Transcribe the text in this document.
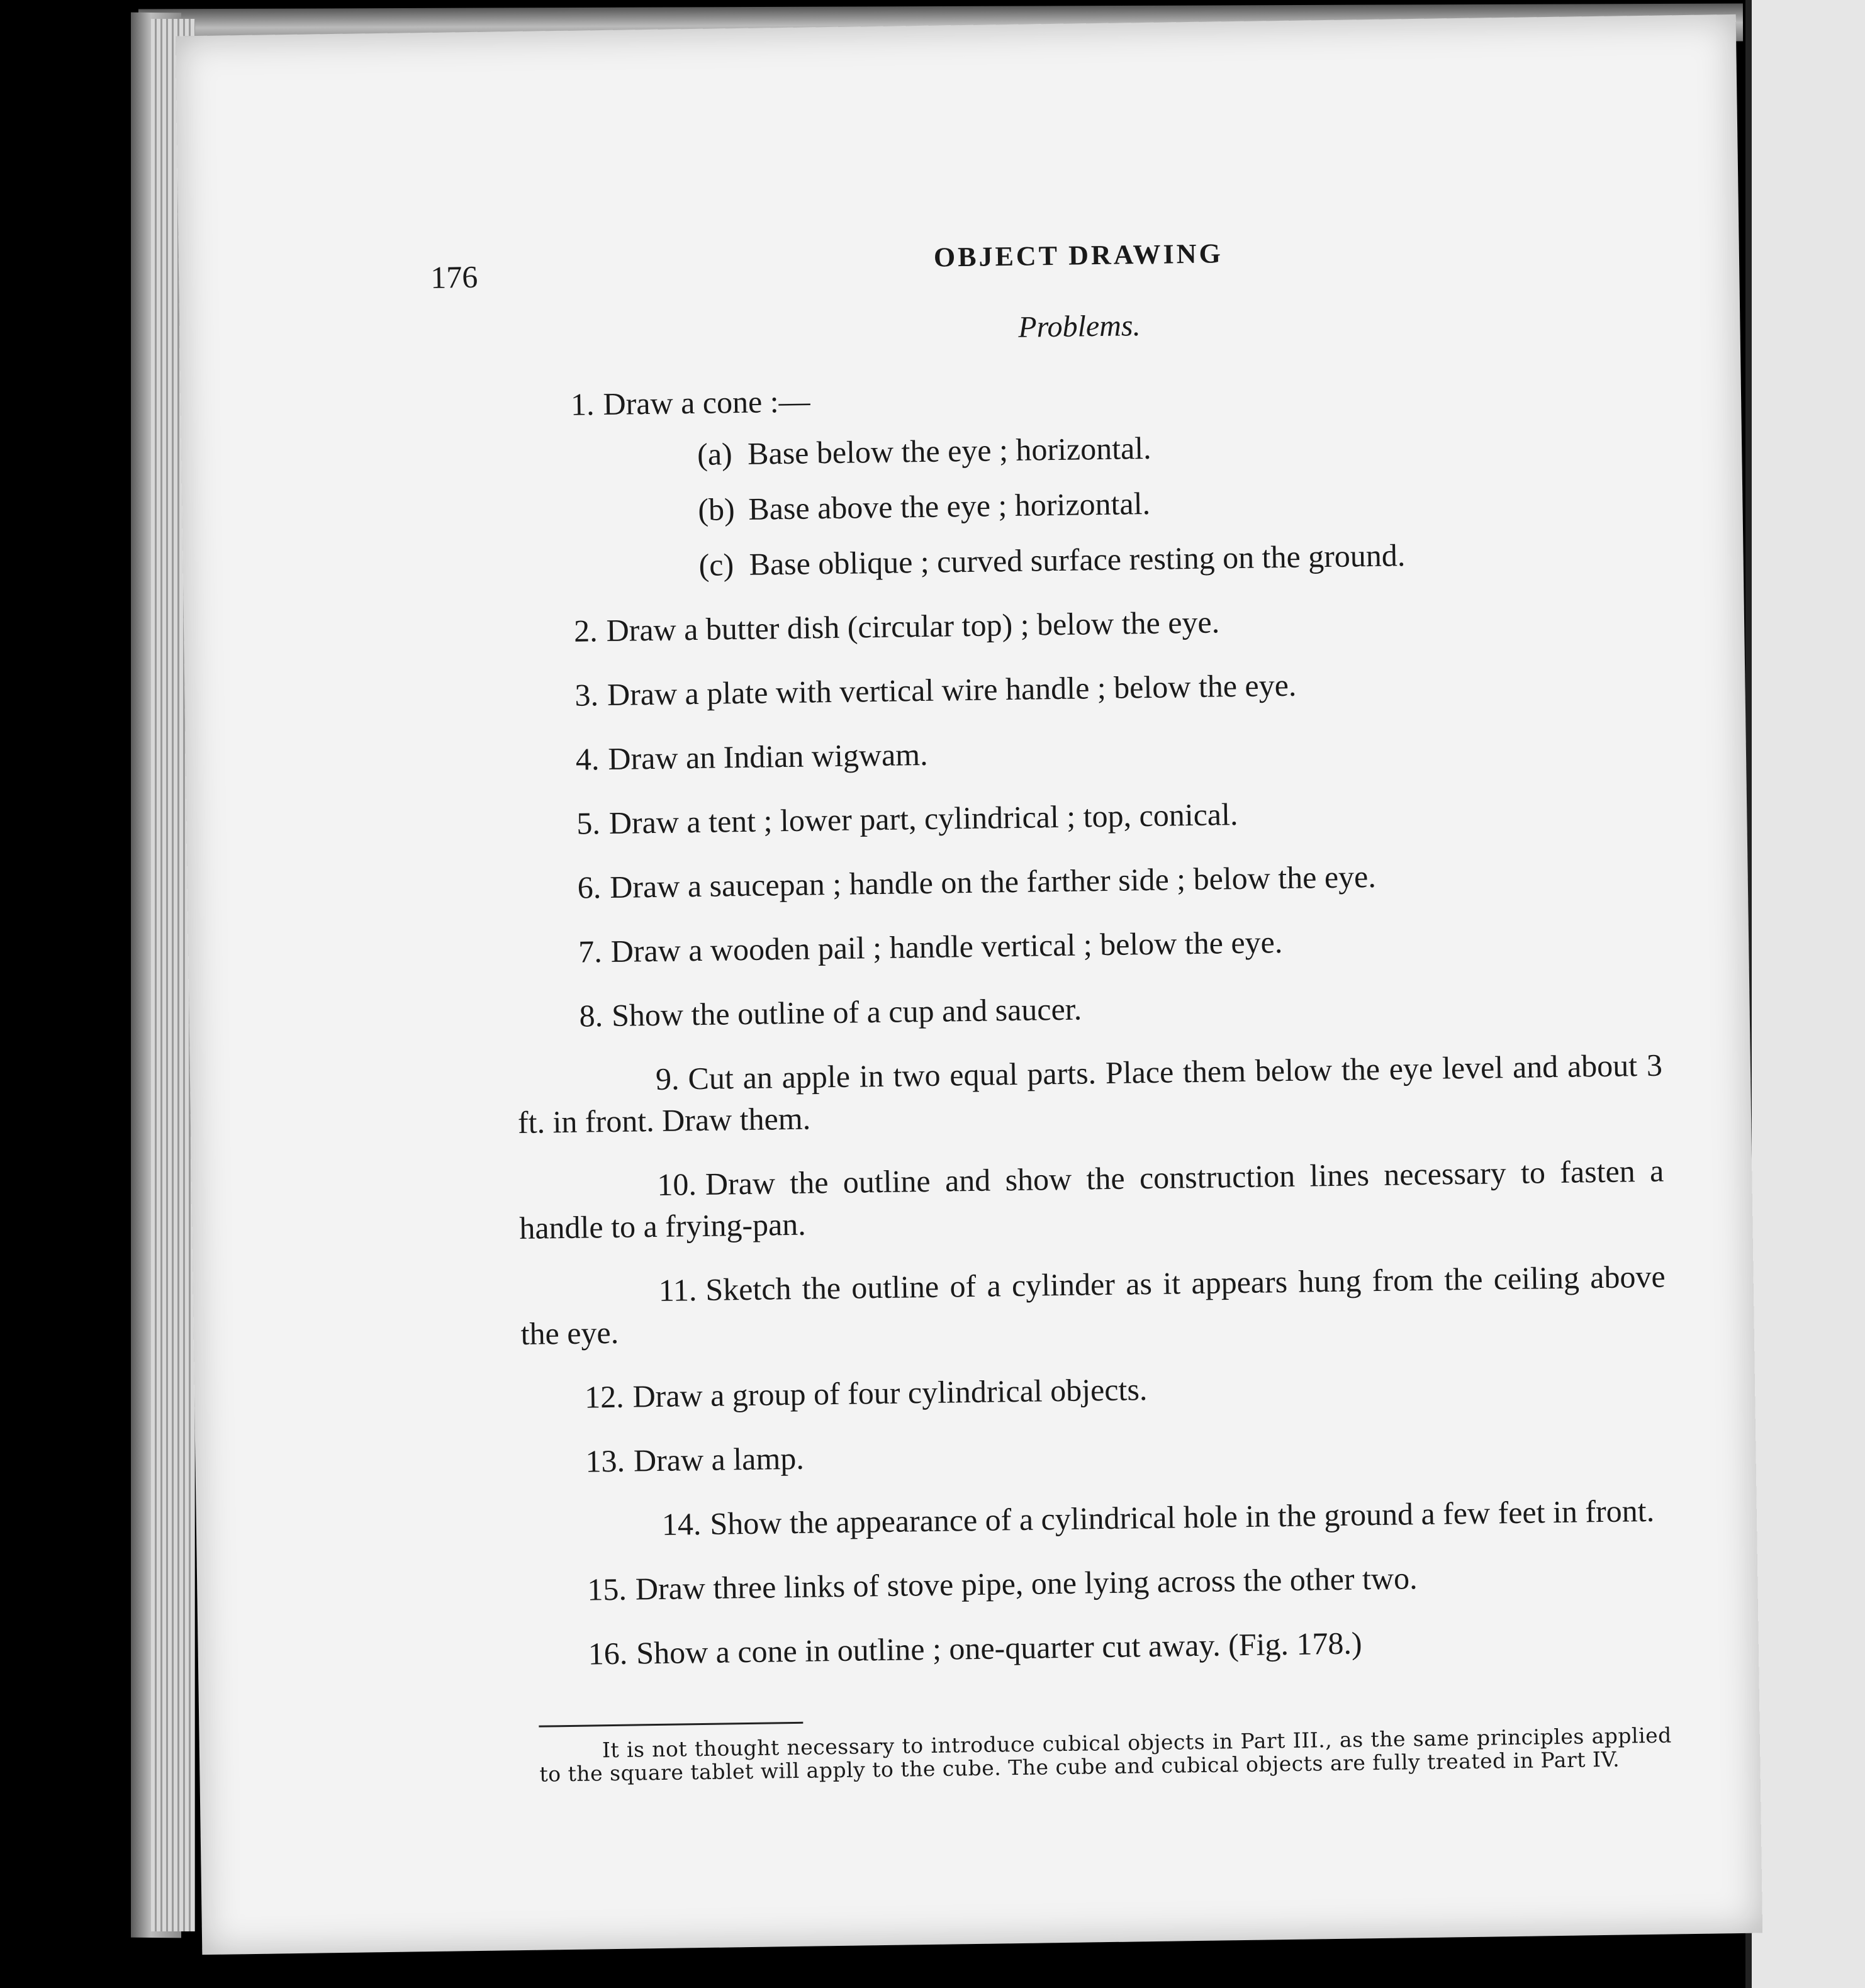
176
OBJECT DRAWING
Problems.
1. Draw a cone :—
(a) Base below the eye ; horizontal.
(b) Base above the eye ; horizontal.
(c) Base oblique ; curved surface resting on the ground.
2. Draw a butter dish (circular top) ; below the eye.
3. Draw a plate with vertical wire handle ; below the eye.
4. Draw an Indian wigwam.
5. Draw a tent ; lower part, cylindrical ; top, conical.
6. Draw a saucepan ; handle on the farther side ; below the eye.
7. Draw a wooden pail ; handle vertical ; below the eye.
8. Show the outline of a cup and saucer.
9. Cut an apple in two equal parts. Place them below the eye level and about 3 ft. in front. Draw them.
10. Draw the outline and show the construction lines necessary to fasten a handle to a frying-pan.
11. Sketch the outline of a cylinder as it appears hung from the ceiling above the eye.
12. Draw a group of four cylindrical objects.
13. Draw a lamp.
14. Show the appearance of a cylindrical hole in the ground a few feet in front.
15. Draw three links of stove pipe, one lying across the other two.
16. Show a cone in outline ; one-quarter cut away. (Fig. 178.)

It is not thought necessary to introduce cubical objects in Part III., as the same principles applied to the square tablet will apply to the cube. The cube and cubical objects are fully treated in Part IV.
